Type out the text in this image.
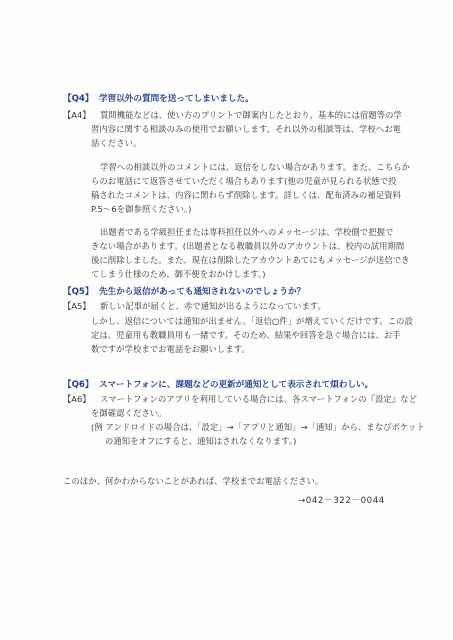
【Q4】 学習以外の質問を送ってしまいました。
【A4】 質問機能などは、使い方のプリントで御案内したとおり、基本的には宿題等の学
習内容に関する相談のみの使用でお願いします。それ以外の相談等は、学校へお電
話ください。
学習への相談以外のコメントには、返信をしない場合があります。また、こちらか
らのお電話にて返答させていただく場合もあります(他の児童が見られる状態で投
稿されたコメントは、内容に関わらず削除します。詳しくは、配布済みの補足資料
P.5～6を御参照ください。)
出題者である学級担任または専科担任以外へのメッセージは、学校側で把握で
きない場合があります。(出題者となる教職員以外のアカウントは、校内の試用期間
後に削除しました。また、現在は削除したアカウントあてにもメッセージが送信でき
てしまう仕様のため、御不便をおかけします。)
【Q5】 先生から返信があっても通知されないのでしょうか？
【A5】 新しい記事が届くと、赤で通知が出るようになっています。
しかし、返信については通知が出ません。「返信○件」が増えていくだけです。この設
定は、児童用も教職員用も一緒です。そのため、結果や回答を急ぐ場合には、お手
数ですが学校までお電話をお願いします。
【Q6】 スマートフォンに、課題などの更新が通知として表示されて煩わしい。
【A6】 スマートフォンのアプリを利用している場合には、各スマートフォンの『設定』など
を御確認ください。
(例 アンドロイドの場合は、「設定」→「アプリと通知」→「通知」から、まなびポケット
の通知をオフにすると、通知はされなくなります。)
このほか、何かわからないことがあれば、学校までお電話ください。
→042－322－0044
